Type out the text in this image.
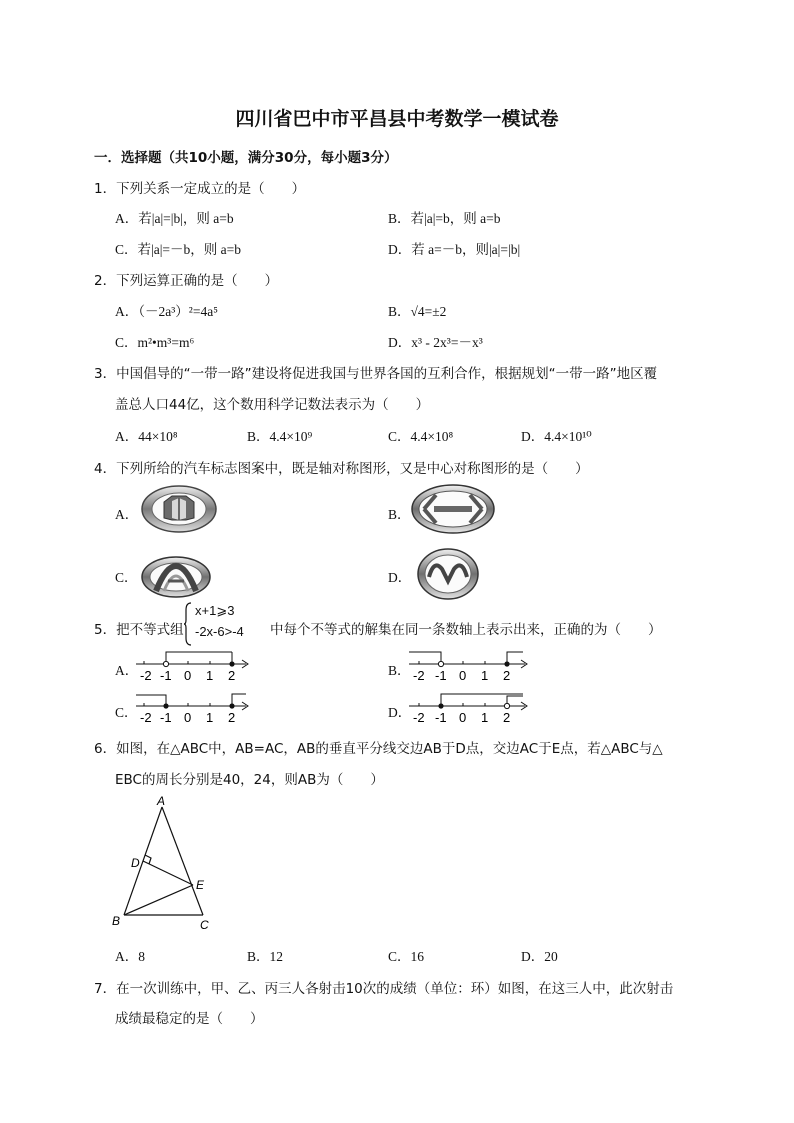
四川省巴中市平昌县中考数学一模试卷
一．选择题（共10小题，满分30分，每小题3分）
1．下列关系一定成立的是（　　）
A．若|a|=|b|，则 a=b	B．若|a|=b，则 a=b
C．若|a|=－b，则 a=b	D．若 a=－b，则|a|=|b|
2．下列运算正确的是（　　）
A．（－2a³）²=4a⁵	B．√4=±2
C．m²•m³=m⁶	D．x³ - 2x³=－x³
3．中国倡导的“一带一路”建设将促进我国与世界各国的互利合作，根据规划“一带一路”地区覆
盖总人口44亿，这个数用科学记数法表示为（　　）
A．44×10⁸	B．4.4×10⁹	C．4.4×10⁸	D．4.4×10¹⁰
4．下列所给的汽车标志图案中，既是轴对称图形，又是中心对称图形的是（　　）
A．	B．
C．	D．
5．把不等式组
x+1⩾3
-2x-6>-4 中每个不等式的解集在同一条数轴上表示出来，正确的为（　　）
A．	B．
C．	D．
-2 -1 0 1 2	-2 -1 0 1 2
-2 -1 0 1 2	-2 -1 0 1 2
6．如图，在△ABC中，AB=AC，AB的垂直平分线交边AB于D点，交边AC于E点，若△ABC与△
EBC的周长分别是40，24，则AB为（　　）
A
D
E
B	C
A．8	B．12	C．16	D．20
7．在一次训练中，甲、乙、丙三人各射击10次的成绩（单位：环）如图，在这三人中，此次射击
成绩最稳定的是（　　）
